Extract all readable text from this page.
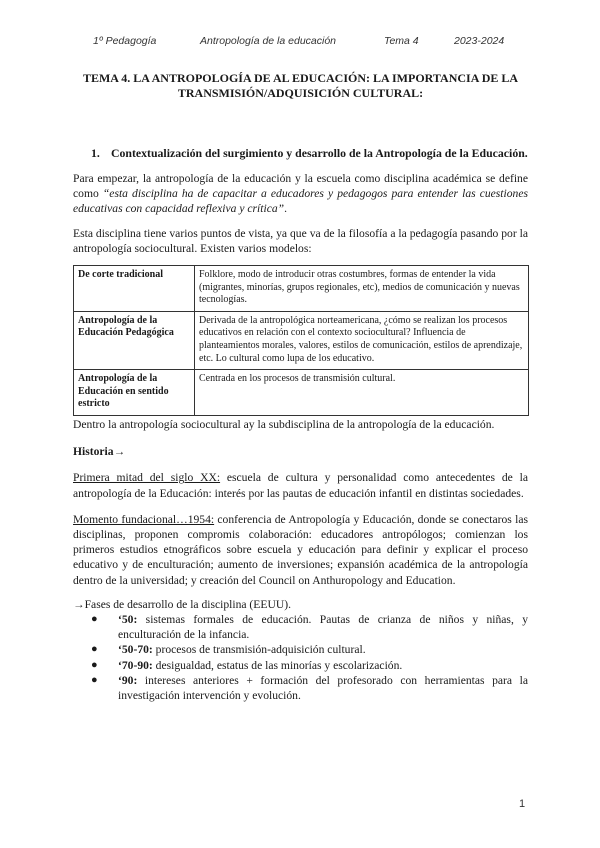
1º Pedagogía	Antropología de la educación	Tema 4	2023-2024
TEMA 4. LA ANTROPOLOGÍA DE AL EDUCACIÓN: LA IMPORTANCIA DE LA TRANSMISIÓN/ADQUISICIÓN CULTURAL:
1. Contextualización del surgimiento y desarrollo de la Antropología de la Educación.

Para empezar, la antropología de la educación y la escuela como disciplina académica se define como “esta disciplina ha de capacitar a educadores y pedagogos para entender las cuestiones educativas con capacidad reflexiva y crítica”.

Esta disciplina tiene varios puntos de vista, ya que va de la filosofía a la pedagogía pasando por la antropología sociocultural. Existen varios modelos:

De corte tradicional	Folklore, modo de introducir otras costumbres, formas de entender la vida (migrantes, minorías, grupos regionales, etc), medios de comunicación y nuevas tecnologías.
Antropología de la Educación Pedagógica	Derivada de la antropológica norteamericana, ¿cómo se realizan los procesos educativos en relación con el contexto sociocultural? Influencia de planteamientos morales, valores, estilos de comunicación, estilos de aprendizaje, etc. Lo cultural como lupa de los educativo.
Antropología de la Educación en sentido estricto	Centrada en los procesos de transmisión cultural.

Dentro la antropología sociocultural ay la subdisciplina de la antropología de la educación.

Historia→

Primera mitad del siglo XX: escuela de cultura y personalidad como antecedentes de la antropología de la Educación: interés por las pautas de educación infantil en distintas sociedades.

Momento fundacional…1954: conferencia de Antropología y Educación, donde se conectaros las disciplinas, proponen compromis colaboración: educadores antropólogos; comienzan los primeros estudios etnográficos sobre escuela y educación para definir y explicar el proceso educativo y de enculturación; aumento de inversiones; expansión académica de la antropología dentro de la universidad; y creación del Council on Anthuropology and Education.

→Fases de desarrollo de la disciplina (EEUU).

● ‘50: sistemas formales de educación. Pautas de crianza de niños y niñas, y enculturación de la infancia.
● ‘50-70: procesos de transmisión-adquisición cultural.
● ‘70-90: desigualdad, estatus de las minorías y escolarización.
● ‘90: intereses anteriores + formación del profesorado con herramientas para la investigación intervención y evolución.
1
